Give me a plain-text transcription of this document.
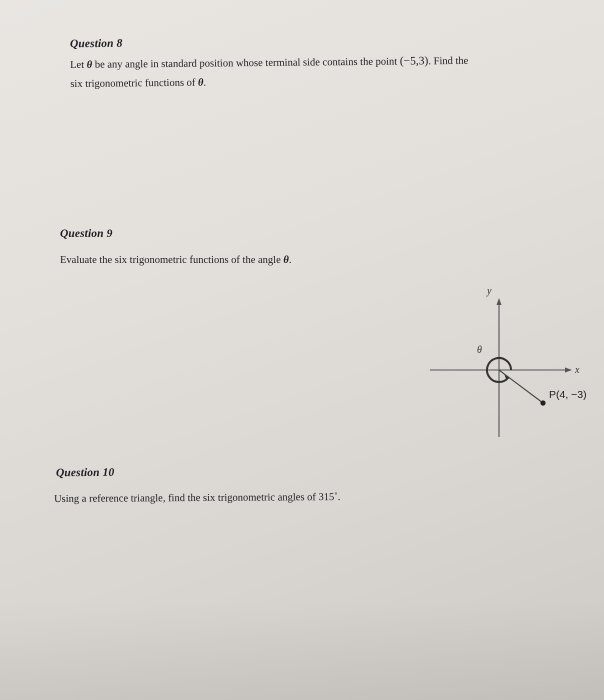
Question 8
Let θ be any angle in standard position whose terminal side contains the point (−5,3). Find the
six trigonometric functions of θ.
Question 9
Evaluate the six trigonometric functions of the angle θ.
y
x
θ
P(4, −3)
Question 10
Using a reference triangle, find the six trigonometric angles of 315˚.
